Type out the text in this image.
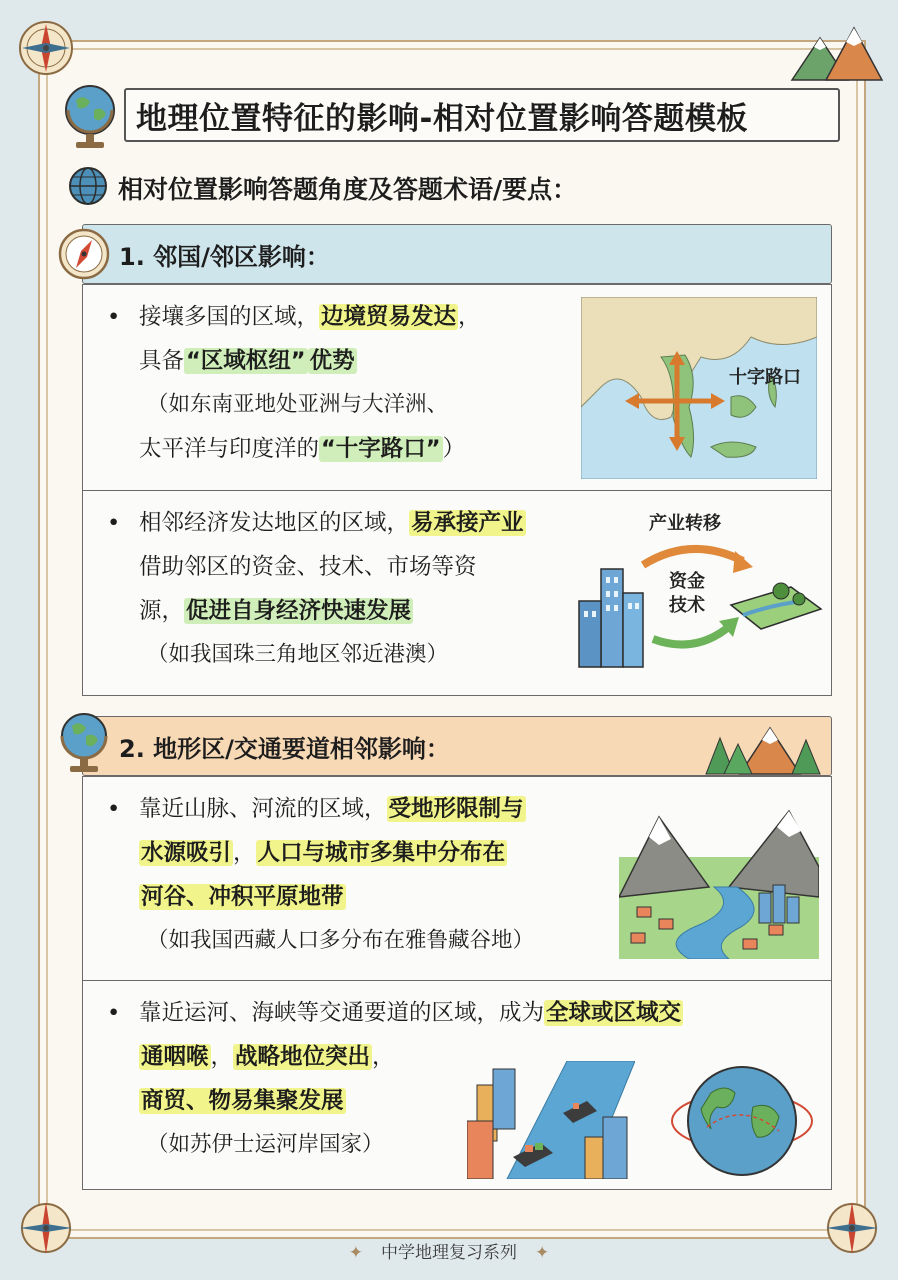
地理位置特征的影响-相对位置影响答题模板
相对位置影响答题角度及答题术语/要点：
1. 邻国/邻区影响：
• 接壤多国的区域，边境贸易发达，
具备“区域枢纽” 优势
（如东南亚地处亚洲与大洋洲、
太平洋与印度洋的“十字路口”）
十字路口
• 相邻经济发达地区的区域，易承接产业
借助邻区的资金、技术、市场等资
源，促进自身经济快速发展
（如我国珠三角地区邻近港澳）
产业转移
资金
技术
2. 地形区/交通要道相邻影响：
• 靠近山脉、河流的区域，受地形限制与
水源吸引，人口与城市多集中分布在
河谷、冲积平原地带
（如我国西藏人口多分布在雅鲁藏谷地）
• 靠近运河、海峡等交通要道的区域，成为全球或区域交
通咽喉，战略地位突出，
商贸、物易集聚发展
（如苏伊士运河岸国家）
✦ 中学地理复习系列 ✦
